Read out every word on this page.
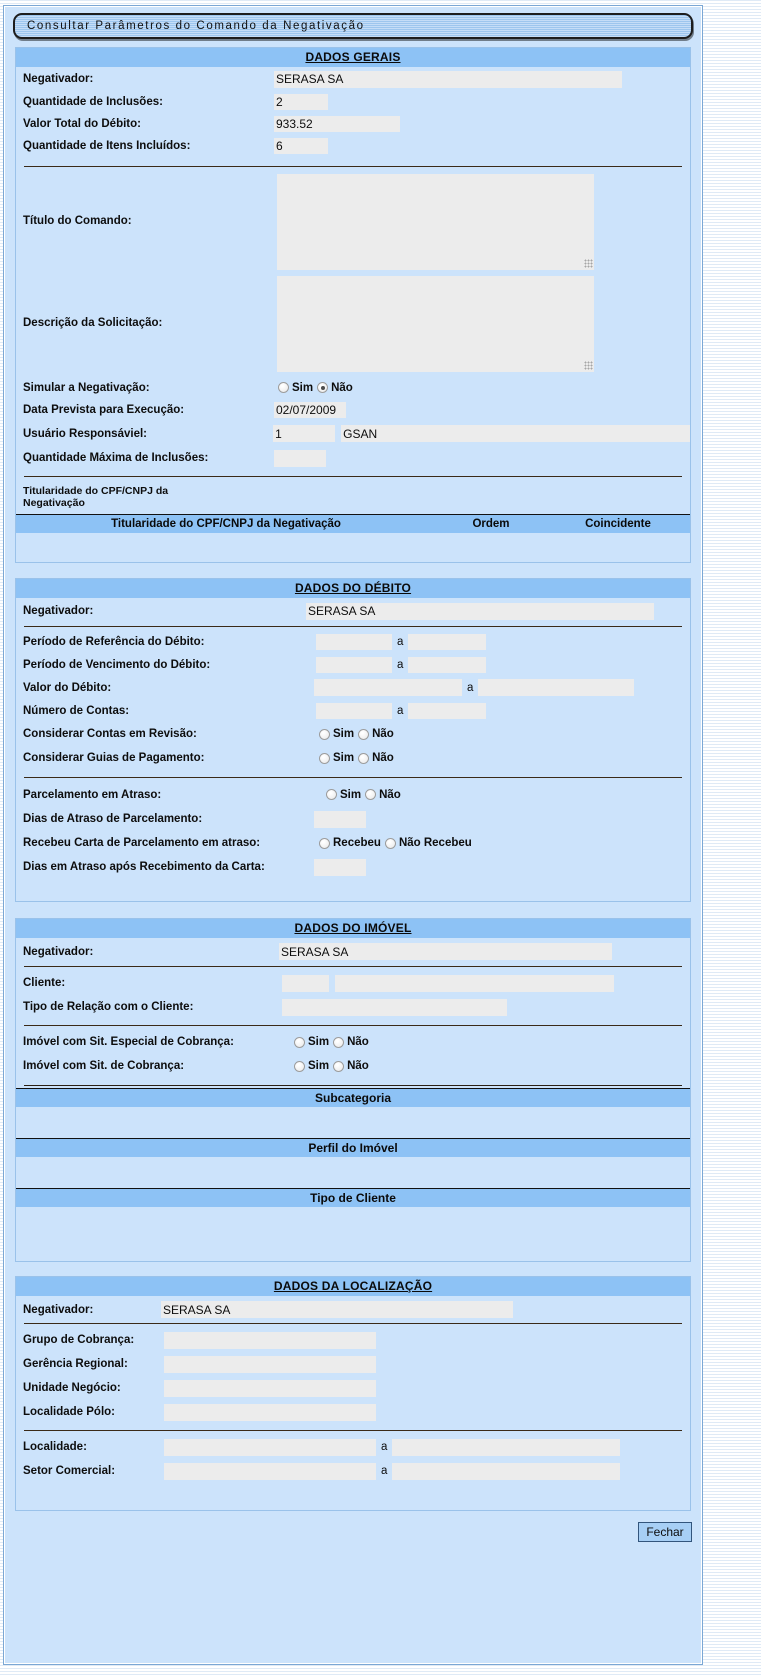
Consultar Parâmetros do Comando da Negativação
DADOS GERAIS
Negativador:
SERASA SA
Quantidade de Inclusões:
2
Valor Total do Débito:
933.52
Quantidade de Itens Incluídos:
6
Título do Comando:
Descrição da Solicitação:
Simular a Negativação:	Sim Não
Data Prevista para Execução:
02/07/2009
Usuário Responsáviel:
1
GSAN
Quantidade Máxima de Inclusões:
Titularidade do CPF/CNPJ da Negativação
Titularidade do CPF/CNPJ da Negativação	Ordem	Coincidente
DADOS DO DÉBITO
Negativador:
SERASA SA
Período de Referência do Débito:	a
Período de Vencimento do Débito:	a
Valor do Débito:	a
Número de Contas:	a
Considerar Contas em Revisão:	Sim Não
Considerar Guias de Pagamento:	Sim Não
Parcelamento em Atraso:	Sim Não
Dias de Atraso de Parcelamento:
Recebeu Carta de Parcelamento em atraso:	Recebeu Não Recebeu
Dias em Atraso após Recebimento da Carta:
DADOS DO IMÓVEL
Negativador:
SERASA SA
Cliente:
Tipo de Relação com o Cliente:
Imóvel com Sit. Especial de Cobrança:	Sim Não
Imóvel com Sit. de Cobrança:	Sim Não
Subcategoria
Perfil do Imóvel
Tipo de Cliente
DADOS DA LOCALIZAÇÃO
Negativador:
SERASA SA
Grupo de Cobrança:
Gerência Regional:
Unidade Negócio:
Localidade Pólo:
Localidade:	a
Setor Comercial:	a
Fechar
